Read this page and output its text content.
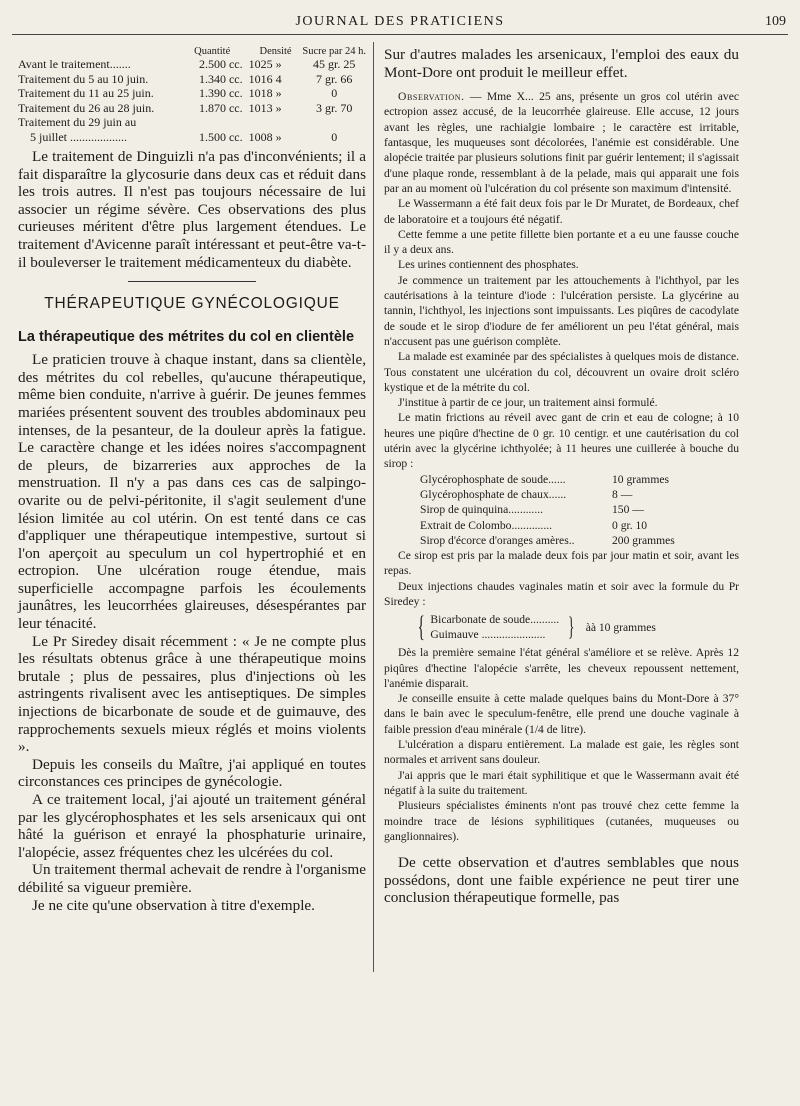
JOURNAL DES PRATICIENS	109
	Quantité	Densité	Sucre par 24 h.
Avant le traitement.......	2.500 cc.	1025 »	45 gr. 25
Traitement du 5 au 10 juin.	1.340 cc.	1016 4	7 gr. 66
Traitement du 11 au 25 juin.	1.390 cc.	1018 »	0
Traitement du 26 au 28 juin.	1.870 cc.	1013 »	3 gr. 70
Traitement du 29 juin au			
5 juillet ...................	1.500 cc.	1008 »	0

Le traitement de Dinguizli n'a pas d'inconvénients; il a fait disparaître la glycosurie dans deux cas et réduit dans les trois autres. Il n'est pas toujours nécessaire de lui associer un régime sévère. Ces observations des plus curieuses méritent d'être plus largement étendues. Le traitement d'Avicenne paraît intéressant et peut-être va-t-il bouleverser le traitement médicamenteux du diabète.

THÉRAPEUTIQUE GYNÉCOLOGIQUE
La thérapeutique des métrites du col en clientèle

Le praticien trouve à chaque instant, dans sa clientèle, des métrites du col rebelles, qu'aucune thérapeutique, même bien conduite, n'arrive à guérir. De jeunes femmes mariées présentent souvent des troubles abdominaux peu intenses, de la pesanteur, de la douleur après la fatigue. Le caractère change et les idées noires s'accompagnent de pleurs, de bizarreries aux approches de la menstruation. Il n'y a pas dans ces cas de salpingo-ovarite ou de pelvi-péritonite, il s'agit seulement d'une lésion limitée au col utérin. On est tenté dans ce cas d'appliquer une thérapeutique intempestive, surtout si l'on aperçoit au speculum un col hypertrophié et en ectropion. Une ulcération rouge étendue, mais superficielle accompagne parfois les écoulements jaunâtres, les leucorrhées glaireuses, désespérantes par leur ténacité.

Le Pr Siredey disait récemment : « Je ne compte plus les résultats obtenus grâce à une thérapeutique moins brutale ; plus de pessaires, plus d'injections où les astringents rivalisent avec les antiseptiques. De simples injections de bicarbonate de soude et de guimauve, des rapprochements sexuels mieux réglés et moins violents ».

Depuis les conseils du Maître, j'ai appliqué en toutes circonstances ces principes de gynécologie.

A ce traitement local, j'ai ajouté un traitement général par les glycérophosphates et les sels arsenicaux qui ont hâté la guérison et enrayé la phosphaturie urinaire, l'alopécie, assez fréquentes chez les ulcérées du col.

Un traitement thermal achevait de rendre à l'organisme débilité sa vigueur première.

Je ne cite qu'une observation à titre d'exemple.

Sur d'autres malades les arsenicaux, l'emploi des eaux du Mont-Dore ont produit le meilleur effet.

Observation. — Mme X... 25 ans, présente un gros col utérin avec ectropion assez accusé, de la leucorrhée glaireuse. Elle accuse, 12 jours avant les règles, une rachialgie lombaire ; le caractère est irritable, fantasque, les muqueuses sont décolorées, l'anémie est considérable. Une alopécie traitée par plusieurs solutions finit par guérir lentement; il s'agissait d'une plaque ronde, ressemblant à de la pelade, mais qui apparait une fois par an au moment où l'ulcération du col présente son maximum d'intensité.

Le Wassermann a été fait deux fois par le Dr Muratet, de Bordeaux, chef de laboratoire et a toujours été négatif.

Cette femme a une petite fillette bien portante et a eu une fausse couche il y a deux ans.

Les urines contiennent des phosphates.

Je commence un traitement par les attouchements à l'ichthyol, par les cautérisations à la teinture d'iode : l'ulcération persiste. La glycérine au tannin, l'ichthyol, les injections sont impuissants. Les piqûres de cacodylate de soude et le sirop d'iodure de fer améliorent un peu l'état général, mais n'accusent pas une guérison complète.

La malade est examinée par des spécialistes à quelques mois de distance. Tous constatent une ulcération du col, découvrent un ovaire droit scléro kystique et de la métrite du col.

J'institue à partir de ce jour, un traitement ainsi formulé.

Le matin frictions au réveil avec gant de crin et eau de cologne; à 10 heures une piqûre d'hectine de 0 gr. 10 centigr. et une cautérisation du col utérin avec la glycérine ichthyolée; à 11 heures une cuillerée à bouche du sirop :

Glycérophosphate de soude......	10 grammes
Glycérophosphate de chaux......	8 —
Sirop de quinquina............	150 —
Extrait de Colombo..............	0 gr. 10
Sirop d'écorce d'oranges amères..	200 grammes

Ce sirop est pris par la malade deux fois par jour matin et soir, avant les repas.

Deux injections chaudes vaginales matin et soir avec la formule du Pr Siredey :

{ Bicarbonate de soude..........
Guimauve ...................... } àà 10 grammes

Dès la première semaine l'état général s'améliore et se relève. Après 12 piqûres d'hectine l'alopécie s'arrête, les cheveux repoussent nettement, l'anémie disparait.

Je conseille ensuite à cette malade quelques bains du Mont-Dore à 37° dans le bain avec le speculum-fenêtre, elle prend une douche vaginale à faible pression d'eau minérale (1/4 de litre).

L'ulcération a disparu entièrement. La malade est gaie, les règles sont normales et arrivent sans douleur.

J'ai appris que le mari était syphilitique et que le Wassermann avait été négatif à la suite du traitement.

Plusieurs spécialistes éminents n'ont pas trouvé chez cette femme la moindre trace de lésions syphilitiques (cutanées, muqueuses ou ganglionnaires).

De cette observation et d'autres semblables que nous possédons, dont une faible expérience ne peut tirer une conclusion thérapeutique formelle, pas
